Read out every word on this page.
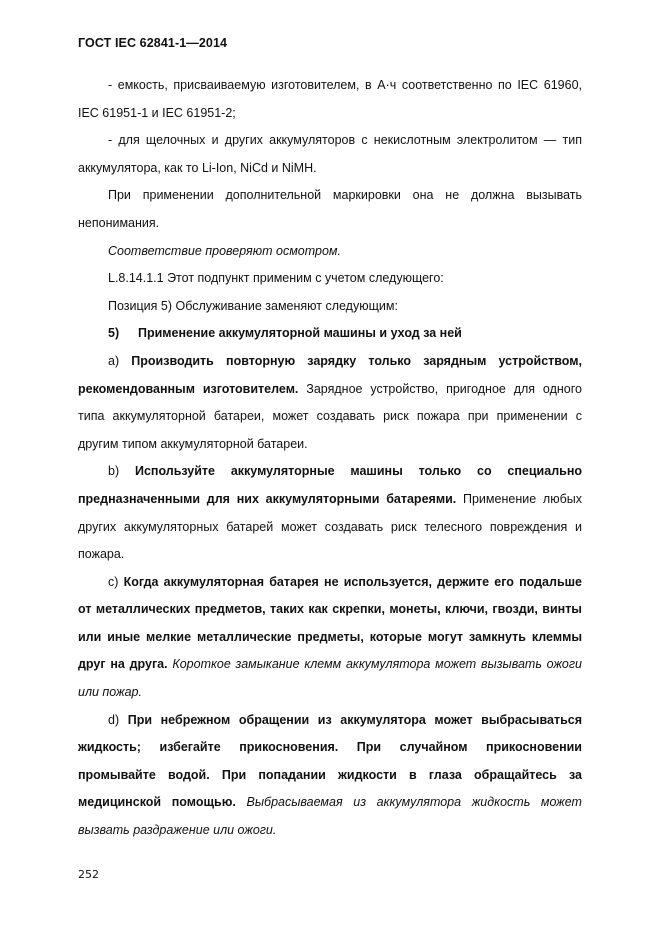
ГОСТ IEC 62841-1—2014

- емкость, присваиваемую изготовителем, в А·ч соответственно по IEC 61960, IEC 61951-1 и IEC 61951-2;

- для щелочных и других аккумуляторов с некислотным электролитом — тип аккумулятора, как то Li-Ion, NiCd и NiMH.

При применении дополнительной маркировки она не должна вызывать непонимания.

Соответствие проверяют осмотром.

L.8.14.1.1 Этот подпункт применим с учетом следующего:

Позиция 5) Обслуживание заменяют следующим:

5) Применение аккумуляторной машины и уход за ней

a) Производить повторную зарядку только зарядным устройством, рекомендованным изготовителем. Зарядное устройство, пригодное для одного типа аккумуляторной батареи, может создавать риск пожара при применении с другим типом аккумуляторной батареи.

b) Используйте аккумуляторные машины только со специально предназначенными для них аккумуляторными батареями. Применение любых других аккумуляторных батарей может создавать риск телесного повреждения и пожара.

c) Когда аккумуляторная батарея не используется, держите его подальше от металлических предметов, таких как скрепки, монеты, ключи, гвозди, винты или иные мелкие металлические предметы, которые могут замкнуть клеммы друг на друга. Короткое замыкание клемм аккумулятора может вызывать ожоги или пожар.

d) При небрежном обращении из аккумулятора может выбрасываться жидкость; избегайте прикосновения. При случайном прикосновении промывайте водой. При попадании жидкости в глаза обращайтесь за медицинской помощью. Выбрасываемая из аккумулятора жидкость может вызвать раздражение или ожоги.

252
